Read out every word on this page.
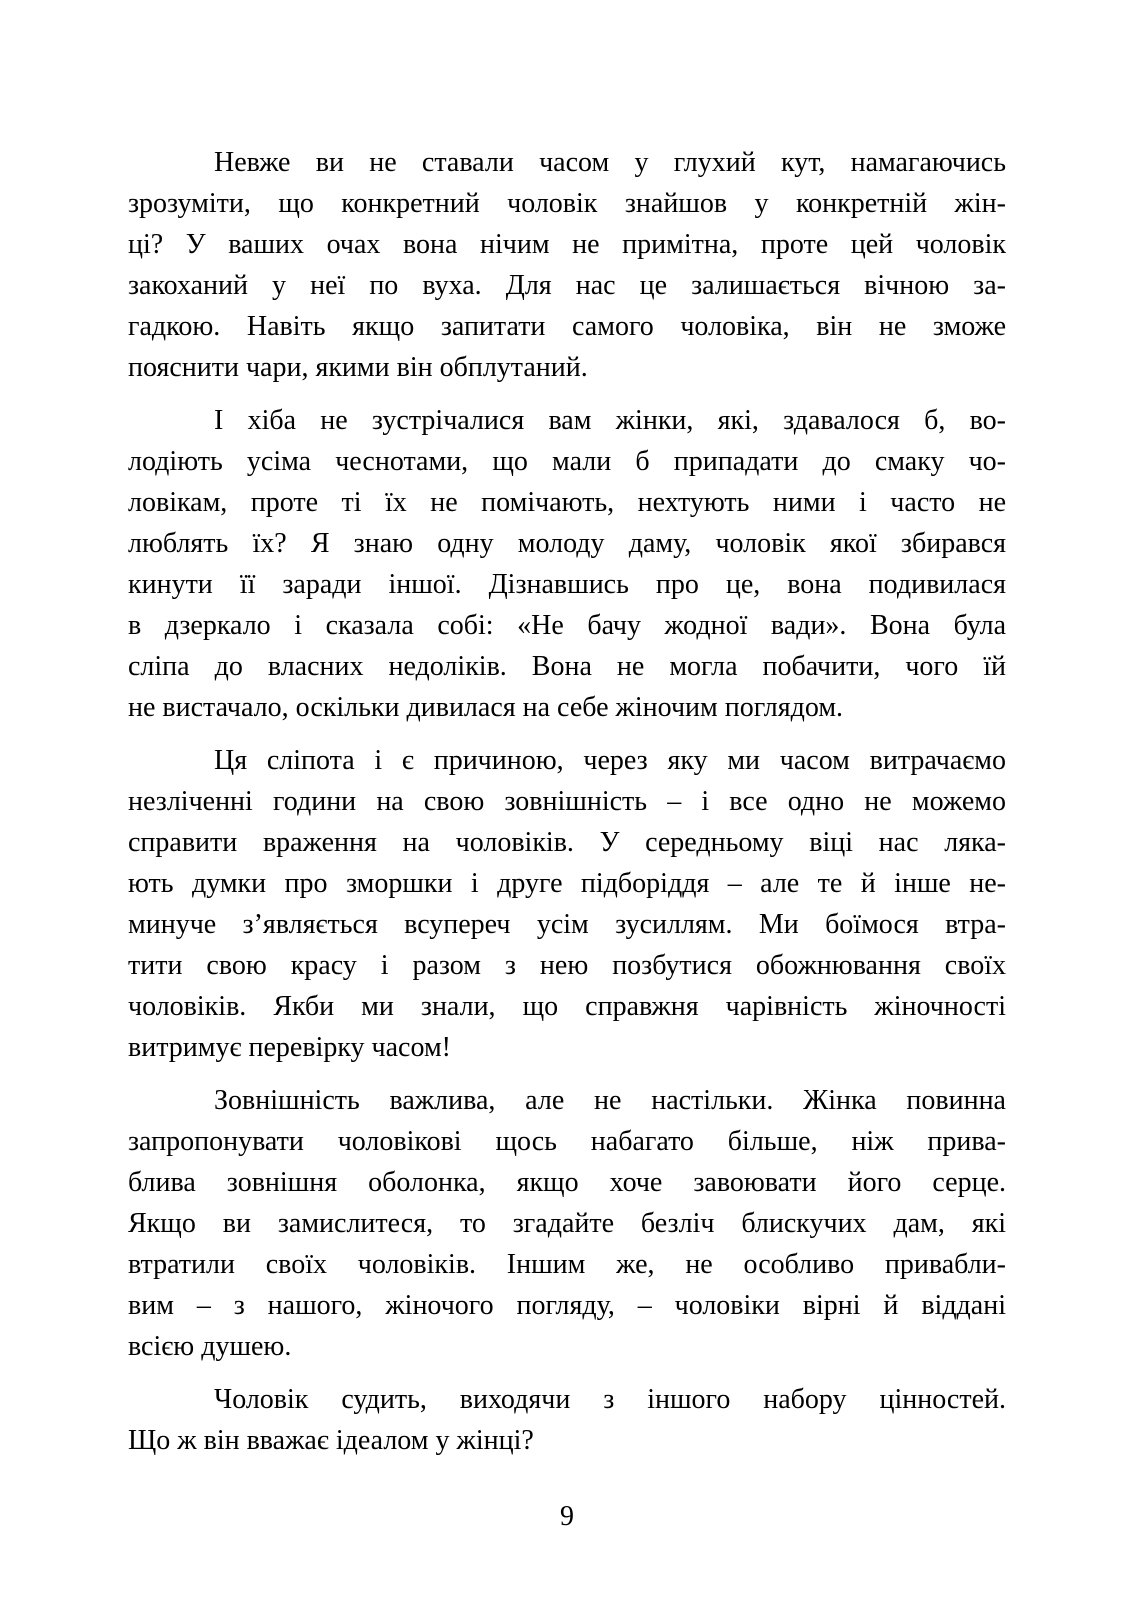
Невже ви не ставали часом у глухий кут, намагаючись
зрозуміти, що конкретний чоловік знайшов у конкретній жін-
ці? У ваших очах вона нічим не примітна, проте цей чоловік
закоханий у неї по вуха. Для нас це залишається вічною за-
гадкою. Навіть якщо запитати самого чоловіка, він не зможе
пояснити чари, якими він обплутаний.

І хіба не зустрічалися вам жінки, які, здавалося б, во-
лодіють усіма чеснотами, що мали б припадати до смаку чо-
ловікам, проте ті їх не помічають, нехтують ними і часто не
люблять їх? Я знаю одну молоду даму, чоловік якої збирався
кинути її заради іншої. Дізнавшись про це, вона подивилася
в дзеркало і сказала собі: «Не бачу жодної вади». Вона була
сліпа до власних недоліків. Вона не могла побачити, чого їй
не вистачало, оскільки дивилася на себе жіночим поглядом.

Ця сліпота і є причиною, через яку ми часом витрачаємо
незліченні години на свою зовнішність – і все одно не можемо
справити враження на чоловіків. У середньому віці нас ляка-
ють думки про зморшки і друге підборіддя – але те й інше не-
минуче з’являється всупереч усім зусиллям. Ми боїмося втра-
тити свою красу і разом з нею позбутися обожнювання своїх
чоловіків. Якби ми знали, що справжня чарівність жіночності
витримує перевірку часом!

Зовнішність важлива, але не настільки. Жінка повинна
запропонувати чоловікові щось набагато більше, ніж прива-
блива зовнішня оболонка, якщо хоче завоювати його серце.
Якщо ви замислитеся, то згадайте безліч блискучих дам, які
втратили своїх чоловіків. Іншим же, не особливо привабли-
вим – з нашого, жіночого погляду, – чоловіки вірні й віддані
всією душею.

Чоловік судить, виходячи з іншого набору цінностей.
Що ж він вважає ідеалом у жінці?

9
